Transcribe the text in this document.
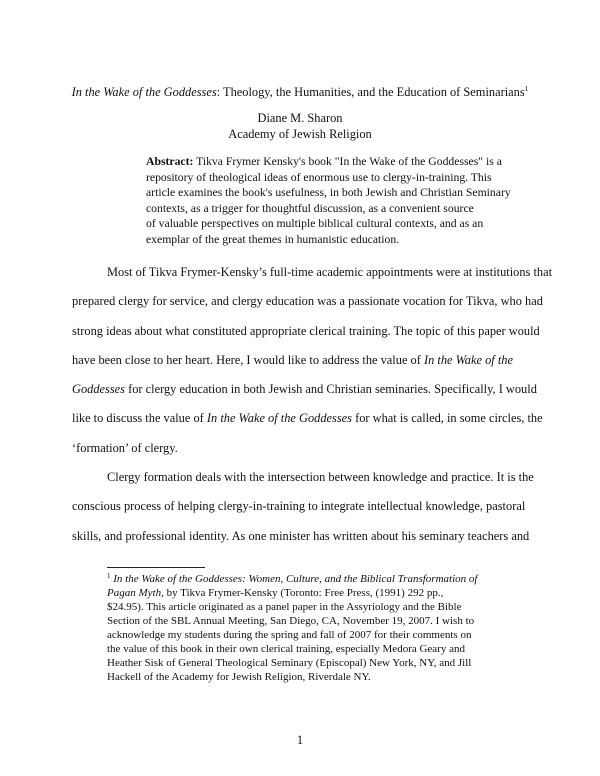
In the Wake of the Goddesses: Theology, the Humanities, and the Education of Seminarians$^1$
Diane M. Sharon
Academy of Jewish Religion
Abstract: Tikva Frymer Kensky's book "In the Wake of the Goddesses" is a
repository of theological ideas of enormous use to clergy-in-training. This
article examines the book's usefulness, in both Jewish and Christian Seminary
contexts, as a trigger for thoughtful discussion, as a convenient source
of valuable perspectives on multiple biblical cultural contexts, and as an
exemplar of the great themes in humanistic education.
Most of Tikva Frymer-Kensky’s full-time academic appointments were at institutions that
prepared clergy for service, and clergy education was a passionate vocation for Tikva, who had
strong ideas about what constituted appropriate clerical training. The topic of this paper would
have been close to her heart. Here, I would like to address the value of In the Wake of the
Goddesses for clergy education in both Jewish and Christian seminaries. Specifically, I would
like to discuss the value of In the Wake of the Goddesses for what is called, in some circles, the
‘formation’ of clergy.
Clergy formation deals with the intersection between knowledge and practice. It is the
conscious process of helping clergy-in-training to integrate intellectual knowledge, pastoral
skills, and professional identity. As one minister has written about his seminary teachers and
$^1$ In the Wake of the Goddesses: Women, Culture, and the Biblical Transformation of
Pagan Myth, by Tikva Frymer-Kensky (Toronto: Free Press, (1991) 292 pp.,
$24.95). This article originated as a panel paper in the Assyriology and the Bible
Section of the SBL Annual Meeting, San Diego, CA, November 19, 2007. I wish to
acknowledge my students during the spring and fall of 2007 for their comments on
the value of this book in their own clerical training, especially Medora Geary and
Heather Sisk of General Theological Seminary (Episcopal) New York, NY, and Jill
Hackell of the Academy for Jewish Religion, Riverdale NY.
1
